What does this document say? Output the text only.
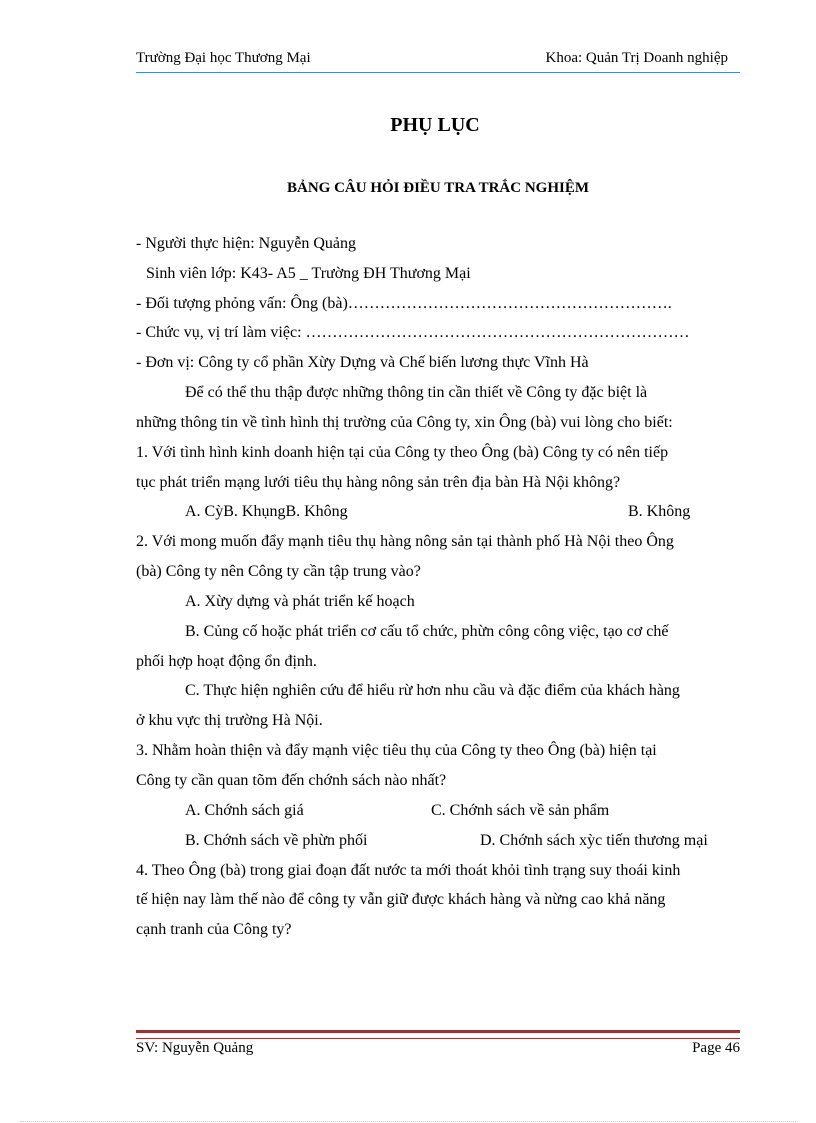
Trường Đại học Thương Mại	Khoa: Quản Trị Doanh nghiệp
PHỤ LỤC
BẢNG CÂU HỎI ĐIỀU TRA TRẮC NGHIỆM
- Người thực hiện: Nguyễn Quảng
Sinh viên lớp: K43- A5 _ Trường ĐH Thương Mại
- Đối tượng phỏng vấn: Ông (bà)…………………………………………………….
- Chức vụ, vị trí làm việc: ………………………………………………………………
- Đơn vị: Công ty cổ phần Xừy Dựng và Chế biến lương thực Vĩnh Hà
Để có thể thu thập được những thông tin cần thiết về Công ty đặc biệt là
những thông tin về tình hình thị trường của Công ty, xin Ông (bà) vui lòng cho biết:
1. Với tình hình kinh doanh hiện tại của Công ty theo Ông (bà) Công ty có nên tiếp
tục phát triển mạng lưới tiêu thụ hàng nông sản trên địa bàn Hà Nội không?
A. CỳB. KhụngB. Không	B. Không
2. Với mong muốn đẩy mạnh tiêu thụ hàng nông sản tại thành phố Hà Nội theo Ông
(bà) Công ty nên Công ty cần tập trung vào?
A. Xừy dựng và phát triển kế hoạch
B. Củng cố hoặc phát triển cơ cấu tổ chức, phừn công công việc, tạo cơ chế
phối hợp hoạt động ổn định.
C. Thực hiện nghiên cứu để hiểu rừ hơn nhu cầu và đặc điểm của khách hàng
ở khu vực thị trường Hà Nội.
3. Nhằm hoàn thiện và đẩy mạnh việc tiêu thụ của Công ty theo Ông (bà) hiện tại
Công ty cần quan tõm đến chớnh sách nào nhất?
A. Chớnh sách giá	C. Chớnh sách về sản phẩm
B. Chớnh sách về phừn phối	D. Chớnh sách xỳc tiến thương mại
4. Theo Ông (bà) trong giai đoạn đất nước ta mới thoát khỏi tình trạng suy thoái kinh
tế hiện nay làm thế nào để công ty vẫn giữ được khách hàng và nừng cao khả năng
cạnh tranh của Công ty?
SV: Nguyễn Quảng	Page 46
